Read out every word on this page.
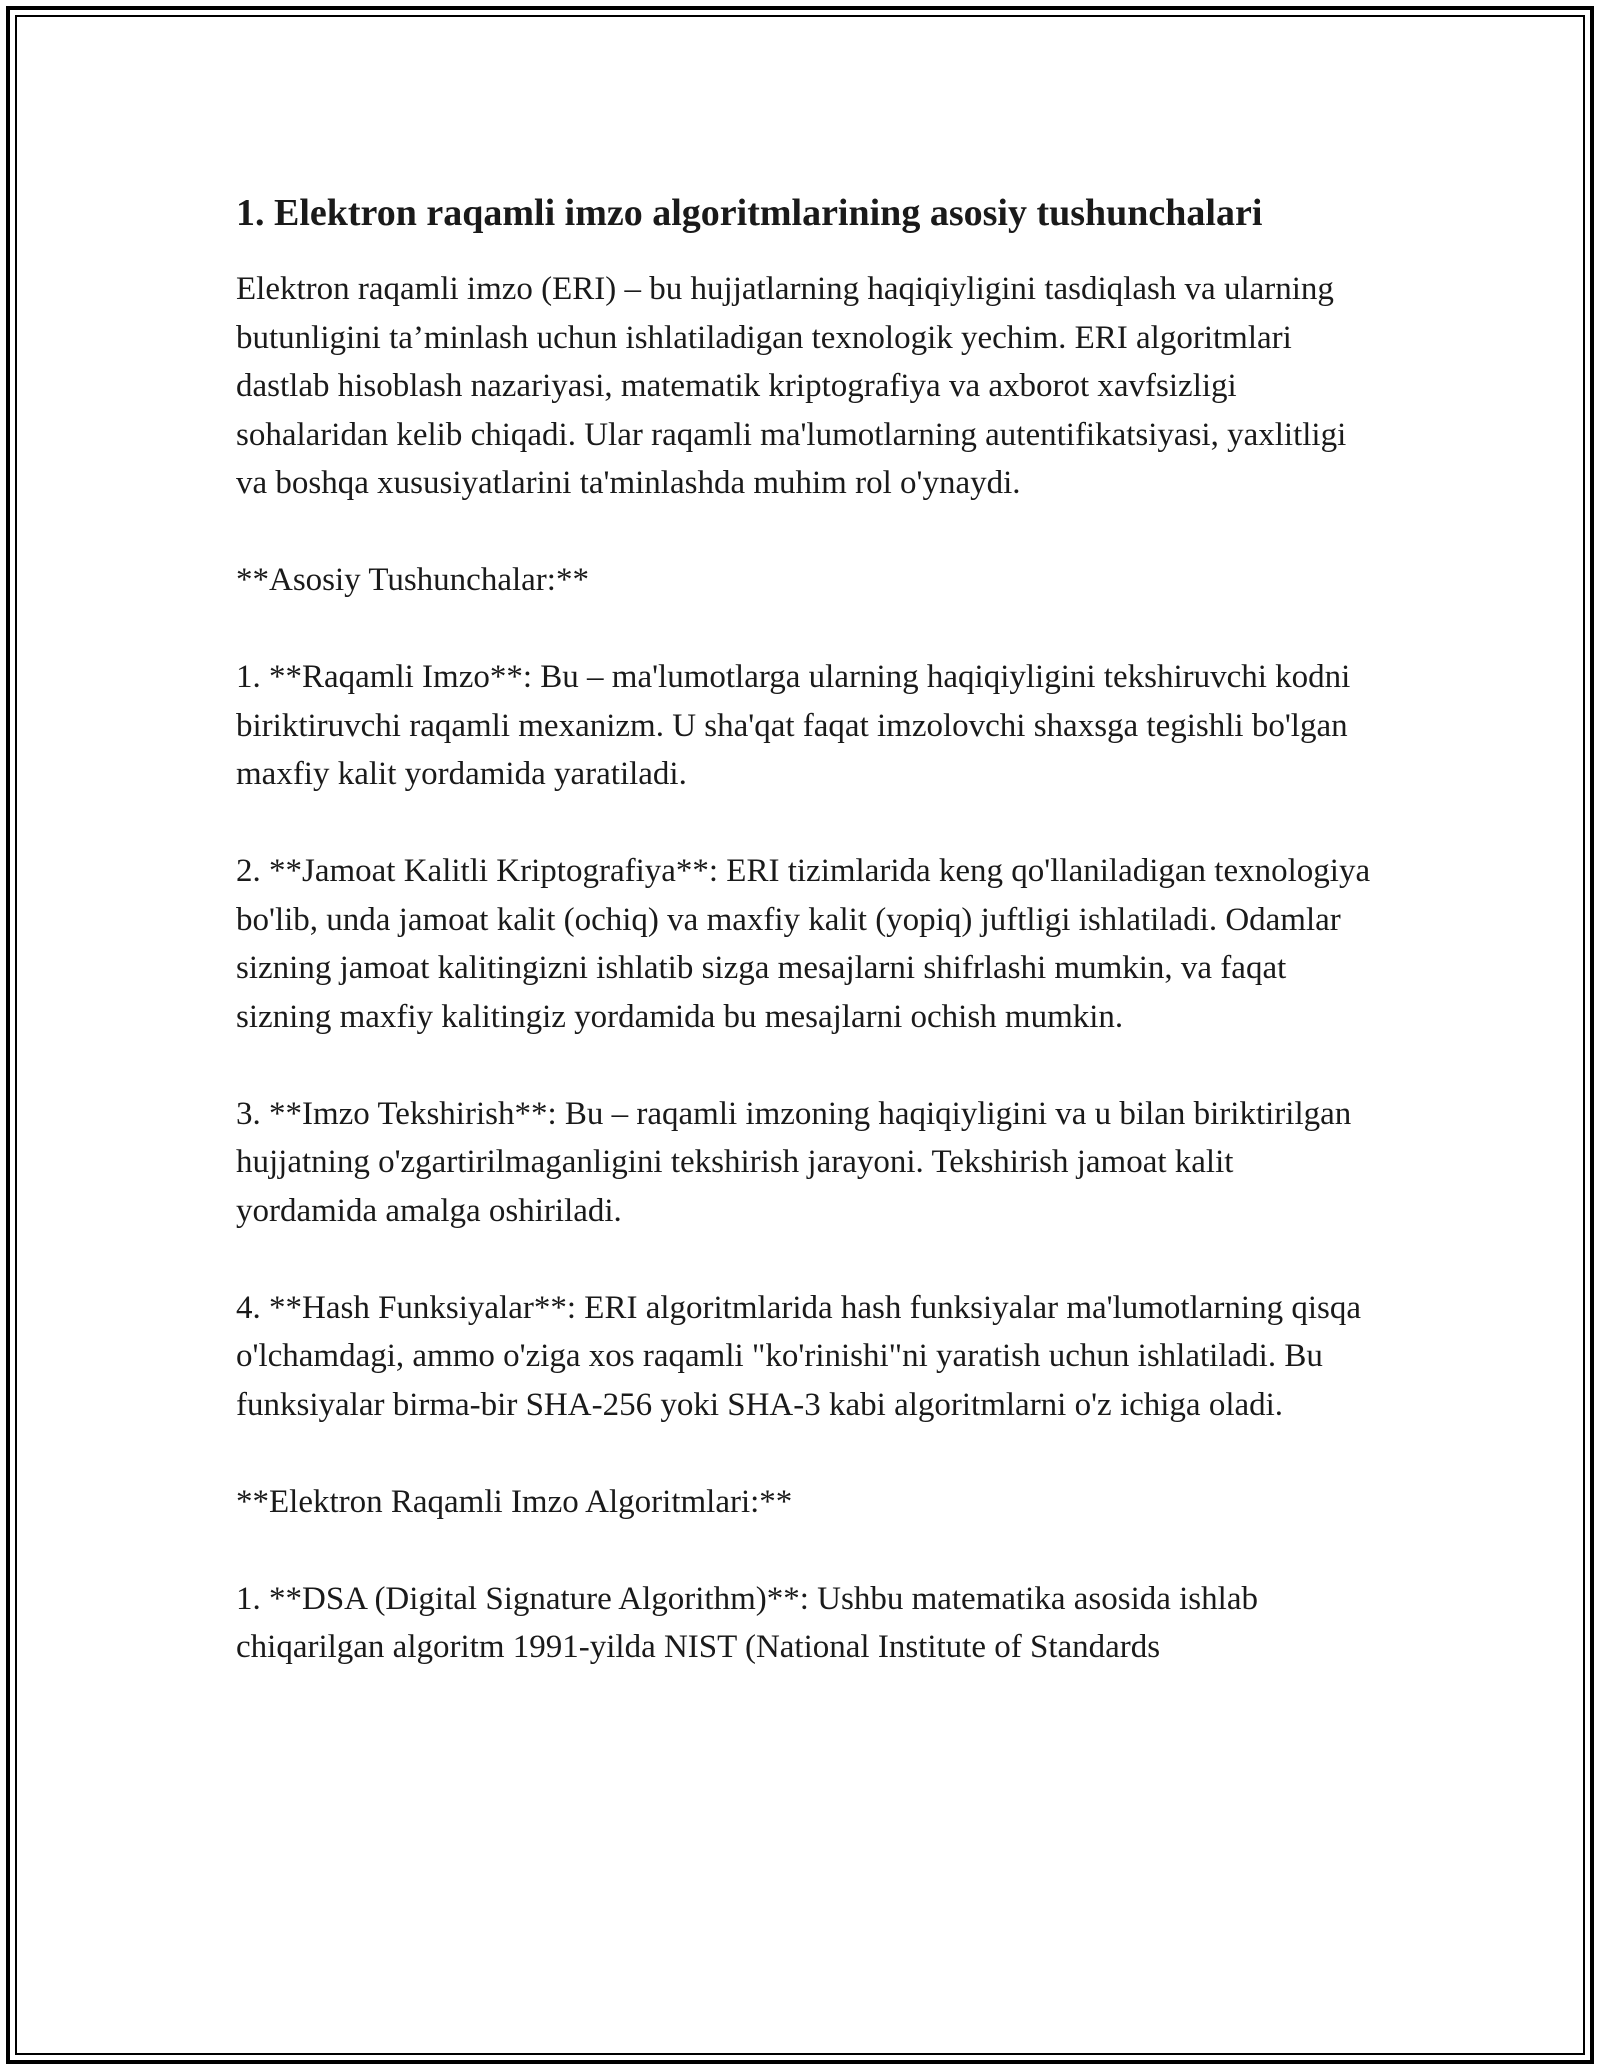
1. Elektron raqamli imzo algoritmlarining asosiy tushunchalari

Elektron raqamli imzo (ERI) – bu hujjatlarning haqiqiyligini tasdiqlash va ularning butunligini ta’minlash uchun ishlatiladigan texnologik yechim. ERI algoritmlari dastlab hisoblash nazariyasi, matematik kriptografiya va axborot xavfsizligi sohalaridan kelib chiqadi. Ular raqamli ma'lumotlarning autentifikatsiyasi, yaxlitligi va boshqa xususiyatlarini ta'minlashda muhim rol o'ynaydi.

**Asosiy Tushunchalar:**

1. **Raqamli Imzo**: Bu – ma'lumotlarga ularning haqiqiyligini tekshiruvchi kodni biriktiruvchi raqamli mexanizm. U sha'qat faqat imzolovchi shaxsga tegishli bo'lgan maxfiy kalit yordamida yaratiladi.

2. **Jamoat Kalitli Kriptografiya**: ERI tizimlarida keng qo'llaniladigan texnologiya bo'lib, unda jamoat kalit (ochiq) va maxfiy kalit (yopiq) juftligi ishlatiladi. Odamlar sizning jamoat kalitingizni ishlatib sizga mesajlarni shifrlashi mumkin, va faqat sizning maxfiy kalitingiz yordamida bu mesajlarni ochish mumkin.

3. **Imzo Tekshirish**: Bu – raqamli imzoning haqiqiyligini va u bilan biriktirilgan hujjatning o'zgartirilmaganligini tekshirish jarayoni. Tekshirish jamoat kalit yordamida amalga oshiriladi.

4. **Hash Funksiyalar**: ERI algoritmlarida hash funksiyalar ma'lumotlarning qisqa o'lchamdagi, ammo o'ziga xos raqamli "ko'rinishi"ni yaratish uchun ishlatiladi. Bu funksiyalar birma-bir SHA-256 yoki SHA-3 kabi algoritmlarni o'z ichiga oladi.

**Elektron Raqamli Imzo Algoritmlari:**

1. **DSA (Digital Signature Algorithm)**: Ushbu matematika asosida ishlab chiqarilgan algoritm 1991-yilda NIST (National Institute of Standards
